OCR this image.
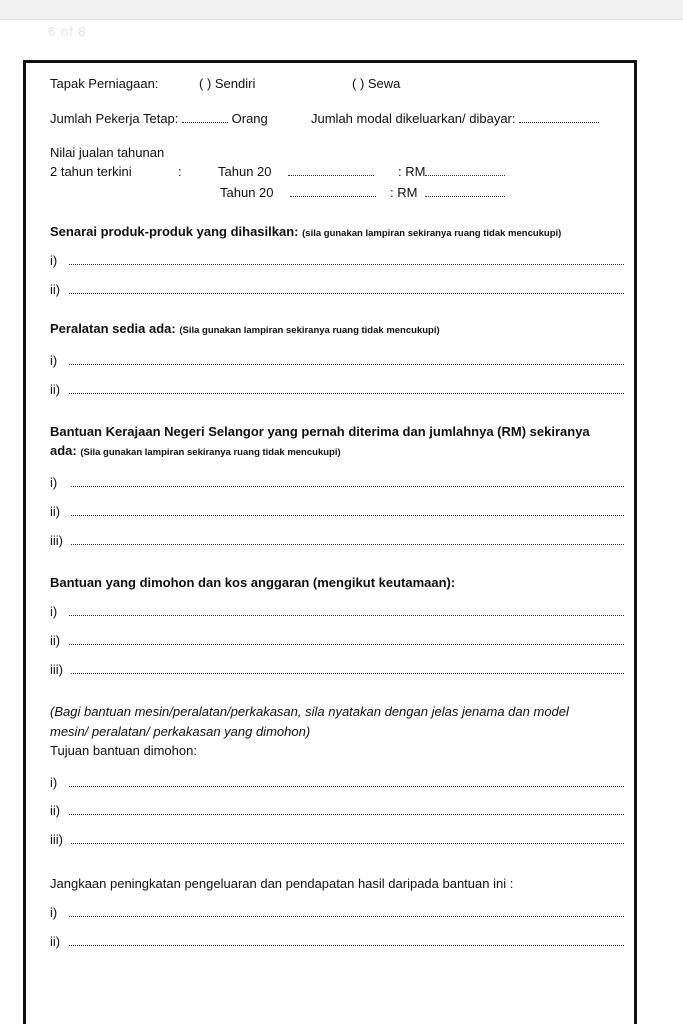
6 of 8
Tapak Perniagaan:	( ) Sendiri	( ) Sewa
Jumlah Pekerja Tetap:	Orang	Jumlah modal dikeluarkan/ dibayar:
Nilai jualan tahunan
2 tahun terkini	:	Tahun 20	: RM
Tahun 20	: RM
Senarai produk-produk yang dihasilkan: (sila gunakan lampiran sekiranya ruang tidak mencukupi)
i)
ii)
Peralatan sedia ada: (Sila gunakan lampiran sekiranya ruang tidak mencukupi)
i)
ii)
Bantuan Kerajaan Negeri Selangor yang pernah diterima dan jumlahnya (RM) sekiranya
ada: (Sila gunakan lampiran sekiranya ruang tidak mencukupi)
i)
ii)
iii)
Bantuan yang dimohon dan kos anggaran (mengikut keutamaan):
i)
ii)
iii)
(Bagi bantuan mesin/peralatan/perkakasan, sila nyatakan dengan jelas jenama dan model
mesin/ peralatan/ perkakasan yang dimohon)
Tujuan bantuan dimohon:
i)
ii)
iii)
Jangkaan peningkatan pengeluaran dan pendapatan hasil daripada bantuan ini :
i)
ii)
